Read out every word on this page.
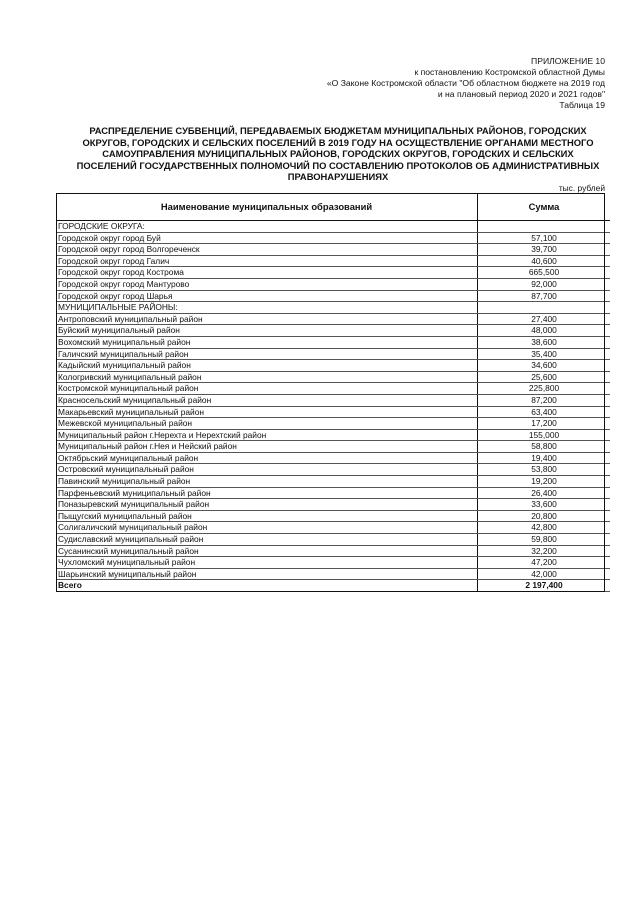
ПРИЛОЖЕНИЕ 10
к постановлению Костромской областной Думы
«О Законе Костромской области "Об областном бюджете на 2019 год
и на плановый период 2020 и 2021 годов"
Таблица 19
РАСПРЕДЕЛЕНИЕ СУБВЕНЦИЙ, ПЕРЕДАВАЕМЫХ БЮДЖЕТАМ МУНИЦИПАЛЬНЫХ РАЙОНОВ, ГОРОДСКИХ
ОКРУГОВ, ГОРОДСКИХ И СЕЛЬСКИХ ПОСЕЛЕНИЙ В 2019 ГОДУ НА ОСУЩЕСТВЛЕНИЕ ОРГАНАМИ МЕСТНОГО
САМОУПРАВЛЕНИЯ МУНИЦИПАЛЬНЫХ РАЙОНОВ, ГОРОДСКИХ ОКРУГОВ, ГОРОДСКИХ И СЕЛЬСКИХ
ПОСЕЛЕНИЙ ГОСУДАРСТВЕННЫХ ПОЛНОМОЧИЙ ПО СОСТАВЛЕНИЮ ПРОТОКОЛОВ ОБ АДМИНИСТРАТИВНЫХ
ПРАВОНАРУШЕНИЯХ
тыс. рублей
Наименование муниципальных образований	Сумма
ГОРОДСКИЕ ОКРУГА:	
Городской округ город Буй	57,100
Городской округ город Волгореченск	39,700
Городской округ город Галич	40,600
Городской округ город Кострома	665,500
Городской округ город Мантурово	92,000
Городской округ город Шарья	87,700
МУНИЦИПАЛЬНЫЕ РАЙОНЫ:	
Антроповский муниципальный район	27,400
Буйский муниципальный район	48,000
Вохомский муниципальный район	38,600
Галичский муниципальный район	35,400
Кадыйский муниципальный район	34,600
Кологривский муниципальный район	25,600
Костромской муниципальный район	225,800
Красносельский муниципальный район	87,200
Макарьевский муниципальный район	63,400
Межевской муниципальный район	17,200
Муниципальный район г.Нерехта и Нерехтский район	155,000
Муниципальный район г.Нея и Нейский район	58,800
Октябрьский муниципальный район	19,400
Островский муниципальный район	53,800
Павинский муниципальный район	19,200
Парфеньевский муниципальный район	26,400
Поназыревский муниципальный район	33,600
Пыщугский муниципальный район	20,800
Солигаличский муниципальный район	42,800
Судиславский муниципальный район	59,800
Сусанинский муниципальный район	32,200
Чухломский муниципальный район	47,200
Шарьинский муниципальный район	42,000
Всего	2 197,400
